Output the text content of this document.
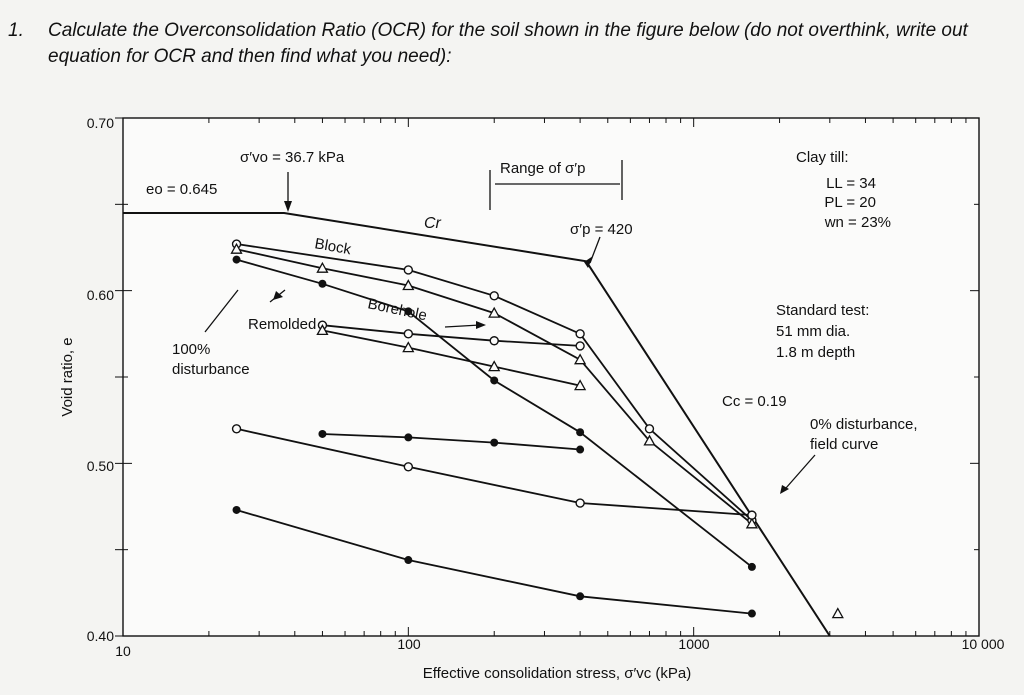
1. Calculate the Overconsolidation Ratio (OCR) for the soil shown in the figure below (do not overthink, write out equation for OCR and then find what you need):
0.70
0.60
0.50
0.40
10	100	1000	10 000
Effective consolidation stress, σ′vc (kPa)
Void ratio, e
σ′vo = 36.7 kPa
eo = 0.645
Range of σ′p
σ′p = 420
Cr
Block
Borehole
Remolded
100%
disturbance
Clay till:
LL = 34
PL = 20
wn = 23%
Standard test:
51 mm dia.
1.8 m depth
Cc = 0.19
0% disturbance,
field curve
